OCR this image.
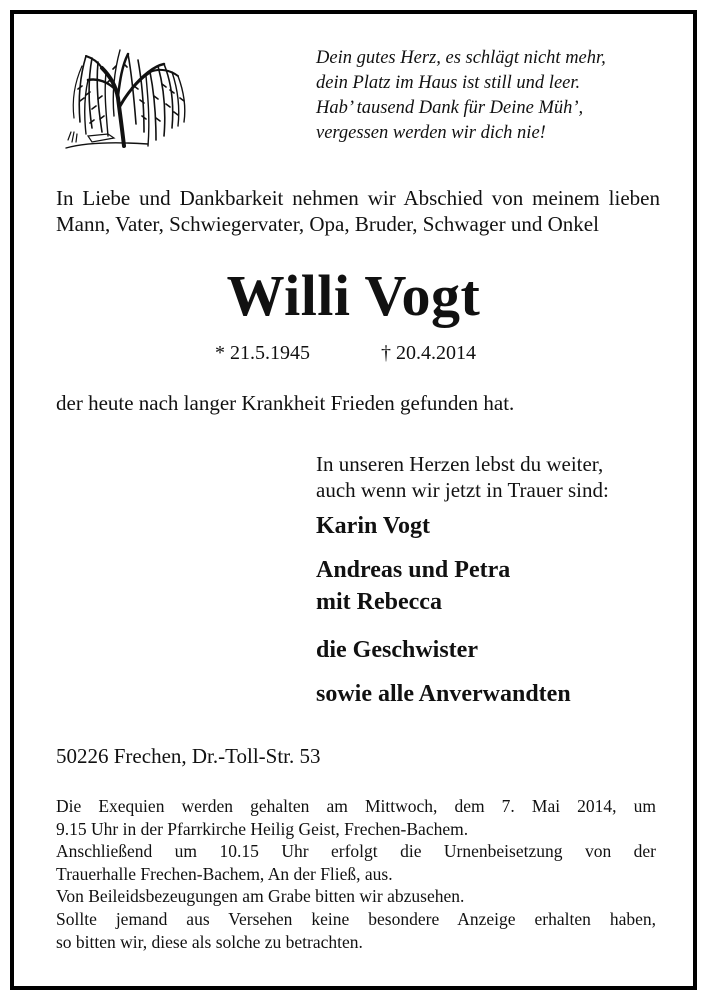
Dein gutes Herz, es schlägt nicht mehr,
dein Platz im Haus ist still und leer.
Hab’ tausend Dank für Deine Müh’,
vergessen werden wir dich nie!
In Liebe und Dankbarkeit nehmen wir Abschied von meinem lieben Mann, Vater, Schwiegervater, Opa, Bruder, Schwager und Onkel
Willi Vogt
* 21.5.1945	† 20.4.2014
der heute nach langer Krankheit Frieden gefunden hat.
In unseren Herzen lebst du weiter,
auch wenn wir jetzt in Trauer sind:
Karin Vogt
Andreas und Petra
mit Rebecca
die Geschwister
sowie alle Anverwandten
50226 Frechen, Dr.-Toll-Str. 53
Die Exequien werden gehalten am Mittwoch, dem 7. Mai 2014, um
9.15 Uhr in der Pfarrkirche Heilig Geist, Frechen-Bachem.
Anschließend um 10.15 Uhr erfolgt die Urnenbeisetzung von der
Trauerhalle Frechen-Bachem, An der Fließ, aus.
Von Beileidsbezeugungen am Grabe bitten wir abzusehen.
Sollte jemand aus Versehen keine besondere Anzeige erhalten haben,
so bitten wir, diese als solche zu betrachten.
